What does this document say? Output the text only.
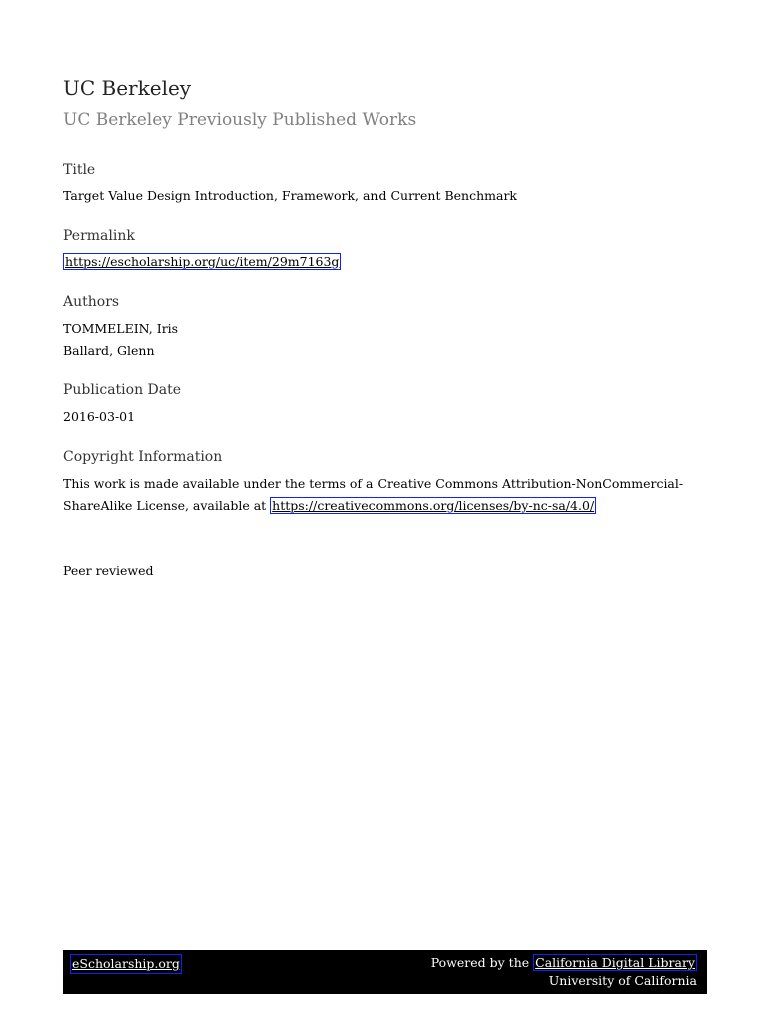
UC Berkeley
UC Berkeley Previously Published Works
Title
Target Value Design Introduction, Framework, and Current Benchmark
Permalink
https://escholarship.org/uc/item/29m7163g
Authors
TOMMELEIN, Iris
Ballard, Glenn
Publication Date
2016-03-01
Copyright Information
This work is made available under the terms of a Creative Commons Attribution-NonCommercial-ShareAlike License, available at https://creativecommons.org/licenses/by-nc-sa/4.0/
Peer reviewed
eScholarship.org	Powered by the California Digital Library
University of California
